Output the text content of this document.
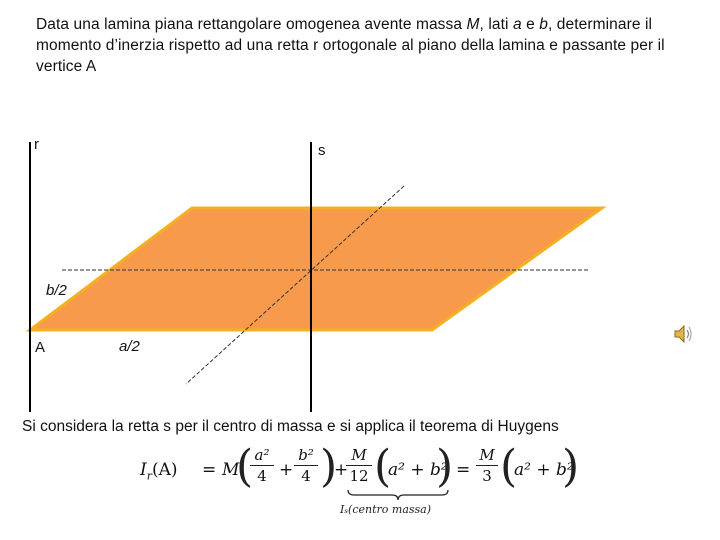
Data una lamina piana rettangolare omogenea avente massa M, lati a e b, determinare il momento d’inerzia rispetto ad una retta r ortogonale al piano della lamina e passante per il vertice A
r	s
b/2
a/2
A
Si considera la retta s per il centro di massa e si applica il teorema di Huygens
$I_r(A) = M$
( a²
4 +
b²
4 )
+
M
12 (
a² + b²
) =
M
3 (
a² + b²
)
Iₛ(centro massa)
